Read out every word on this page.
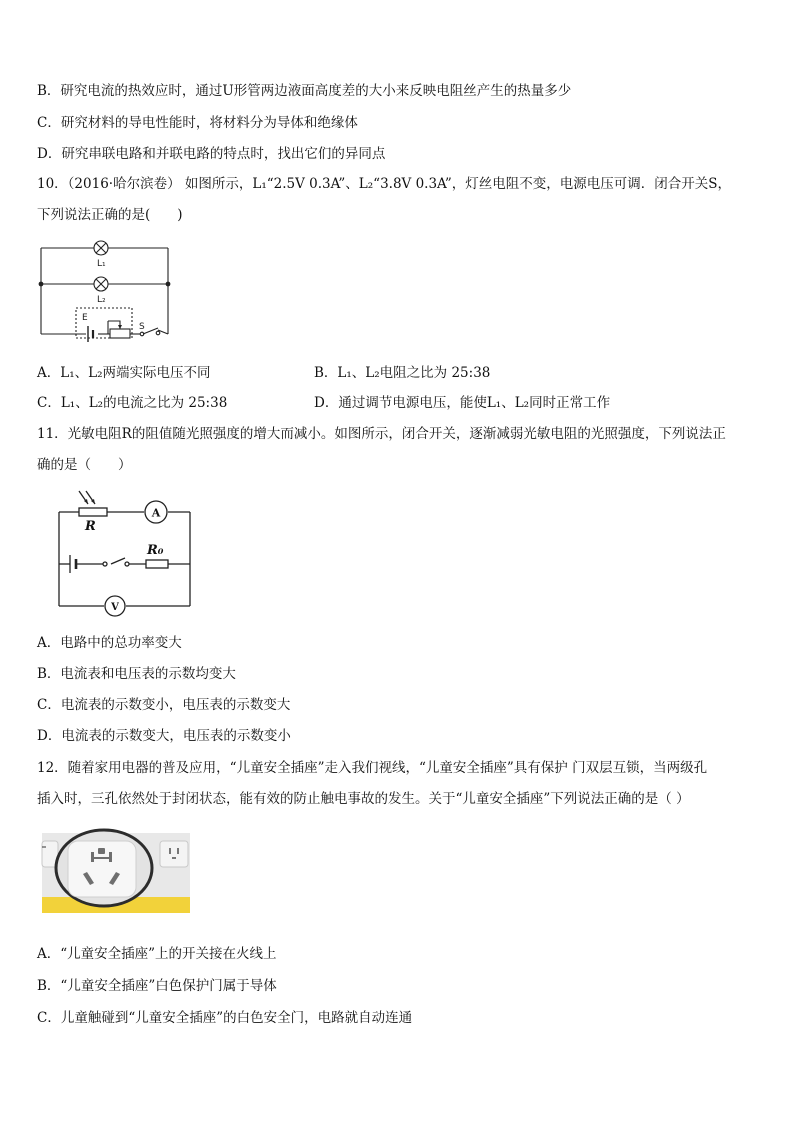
B．研究电流的热效应时，通过U形管两边液面高度差的大小来反映电阻丝产生的热量多少
C．研究材料的导电性能时，将材料分为导体和绝缘体
D．研究串联电路和并联电路的特点时，找出它们的异同点
10．（2016·哈尔滨卷） 如图所示，L₁“2.5V 0.3A”、L₂“3.8V 0.3A”，灯丝电阻不变，电源电压可调．闭合开关S，
下列说法正确的是(　　)
L₁
L₂
E
S
A．L₁、L₂两端实际电压不同	B．L₁、L₂电阻之比为 25:38
C．L₁、L₂的电流之比为 25:38	D．通过调节电源电压，能使L₁、L₂同时正常工作
11．光敏电阻R的阻值随光照强度的增大而减小。如图所示，闭合开关，逐渐减弱光敏电阻的光照强度，下列说法正
确的是（　　）
A
V
R
R₀
A．电路中的总功率变大
B．电流表和电压表的示数均变大
C．电流表的示数变小，电压表的示数变大
D．电流表的示数变大，电压表的示数变小
12．随着家用电器的普及应用，“儿童安全插座”走入我们视线，“儿童安全插座”具有保护 门双层互锁，当两级孔
插入时，三孔依然处于封闭状态，能有效的防止触电事故的发生。关于“儿童安全插座”下列说法正确的是（ ）
A．“儿童安全插座”上的开关接在火线上
B．“儿童安全插座”白色保护门属于导体
C．儿童触碰到“儿童安全插座”的白色安全门，电路就自动连通
